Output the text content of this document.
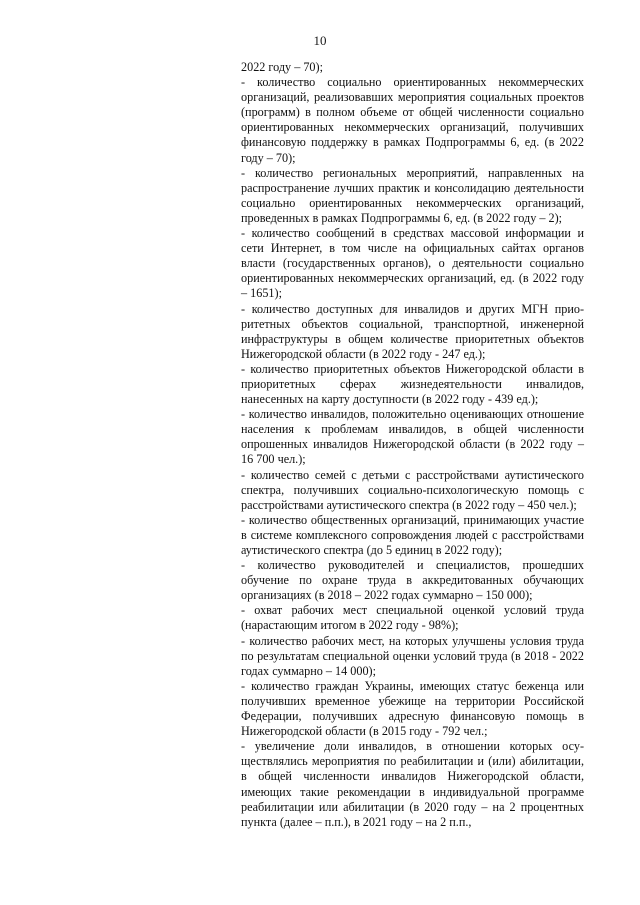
10

2022 году – 70);

- количество социально ориентированных некоммерческих организаций, реализовавших мероприятия социальных проектов (программ) в полном объеме от общей численности социально ориентированных некоммерческих организаций, получивших финансовую поддержку в рамках Подпрограммы 6, ед. (в 2022 году – 70);

- количество региональных мероприятий, направленных на распространение лучших практик и консолидацию деятельности социально ориентированных некоммерческих организаций, проведенных в рамках Подпрограммы 6, ед. (в 2022 году – 2);

- количество сообщений в средствах массовой информации и сети Интернет, в том числе на официальных сайтах органов власти (государственных органов), о деятельности социально ориентированных некоммерческих организаций, ед. (в 2022 году – 1651);

- количество доступных для инвалидов и других МГН приоритетных объектов социальной, транспортной, инженерной инфраструктуры в общем количестве приоритетных объектов Нижегородской области (в 2022 году - 247 ед.);

- количество приоритетных объектов Нижегородской области в приоритетных сферах жизнедеятельности инвалидов, нанесенных на карту доступности (в 2022 году - 439 ед.);

- количество инвалидов, положительно оценивающих отношение населения к проблемам инвалидов, в общей численности опрошенных инвалидов Нижегородской области (в 2022 году – 16 700 чел.);

- количество семей с детьми с расстройствами аутистического спектра, получивших социально-психологическую помощь с расстройствами аутистического спектра (в 2022 году – 450 чел.);

- количество общественных организаций, принимающих участие в системе комплексного сопровождения людей с расстройствами аутистического спектра (до 5 единиц в 2022 году);

- количество руководителей и специалистов, прошедших обучение по охране труда в аккредитованных обучающих организациях (в 2018 – 2022 годах суммарно – 150 000);

- охват рабочих мест специальной оценкой условий труда (нарастающим итогом в 2022 году - 98%);

- количество рабочих мест, на которых улучшены условия труда по результатам специальной оценки условий труда (в 2018 - 2022 годах суммарно – 14 000);

- количество граждан Украины, имеющих статус беженца или получивших временное убежище на территории Российской Федерации, получивших адресную финансовую помощь в Нижегородской области (в 2015 году - 792 чел.;

- увеличение доли инвалидов, в отношении которых осуществлялись мероприятия по реабилитации и (или) абилитации, в общей численности инвалидов Нижегородской области, имеющих такие рекомендации в индивидуальной программе реабилитации или абилитации (в 2020 году – на 2 процентных пункта (далее – п.п.), в 2021 году – на 2 п.п.,
